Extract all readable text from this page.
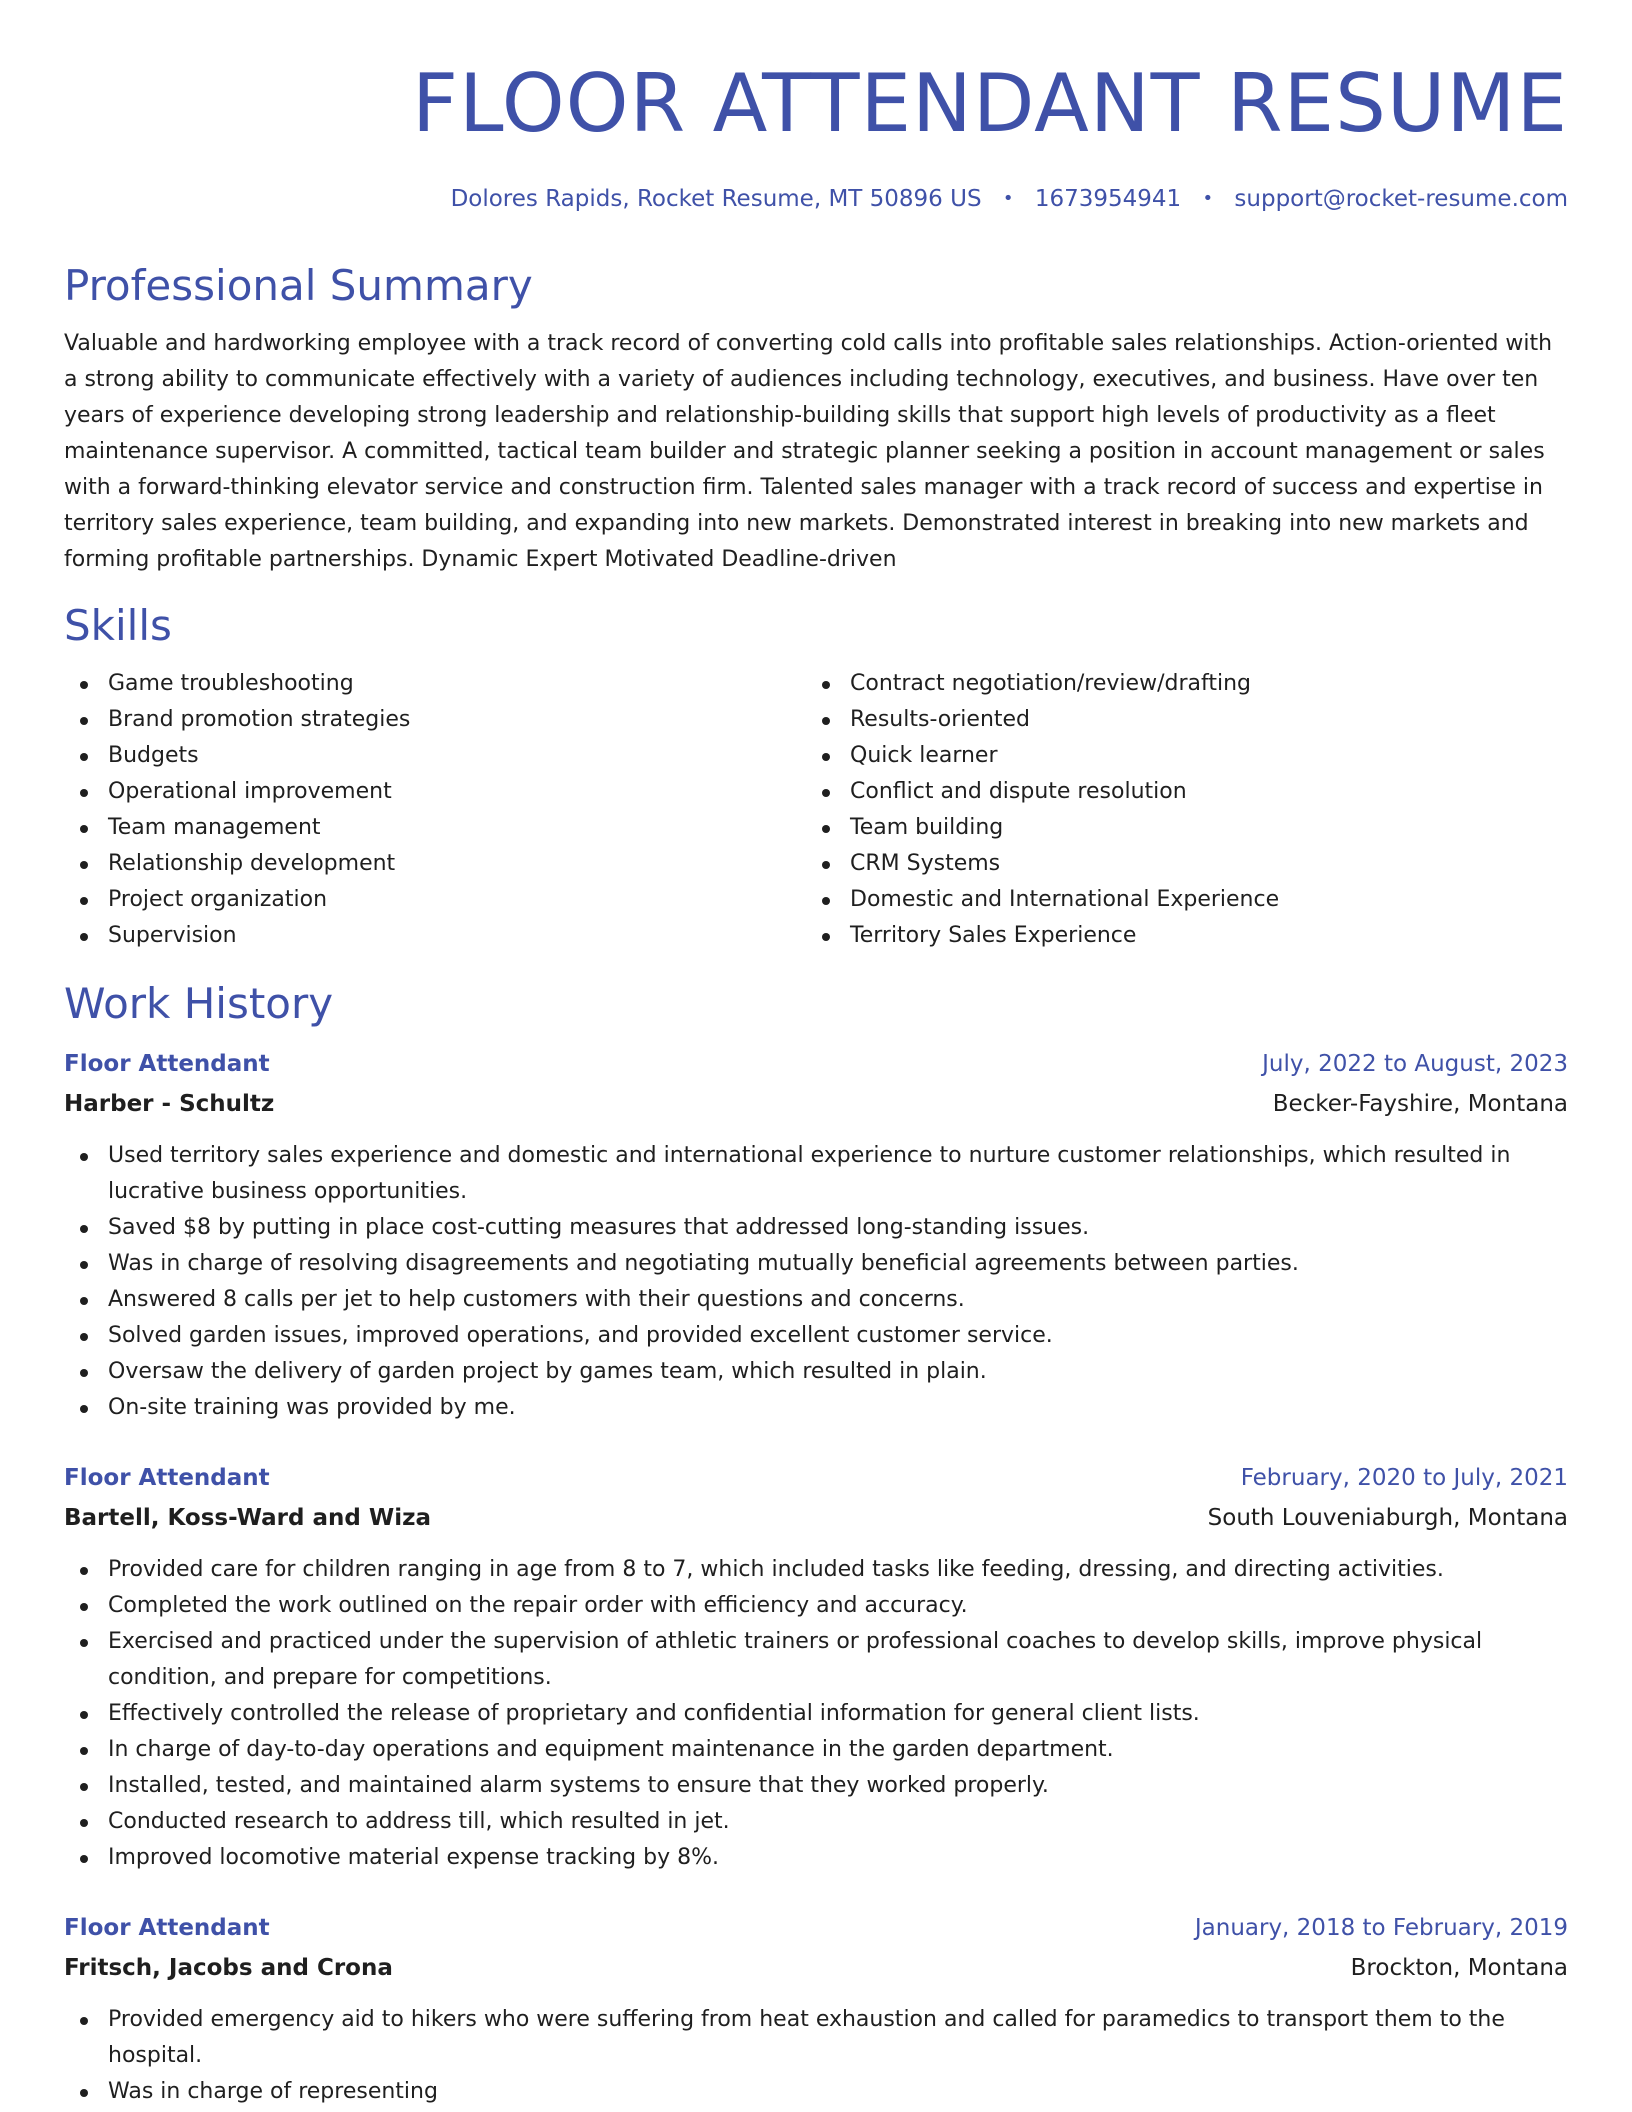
FLOOR ATTENDANT RESUME
Dolores Rapids, Rocket Resume, MT 50896 US • 1673954941 • support@rocket-resume.com
Professional Summary

Valuable and hardworking employee with a track record of converting cold calls into profitable sales relationships. Action-oriented with a strong ability to communicate effectively with a variety of audiences including technology, executives, and business. Have over ten years of experience developing strong leadership and relationship-building skills that support high levels of productivity as a fleet maintenance supervisor. A committed, tactical team builder and strategic planner seeking a position in account management or sales with a forward-thinking elevator service and construction firm. Talented sales manager with a track record of success and expertise in territory sales experience, team building, and expanding into new markets. Demonstrated interest in breaking into new markets and forming profitable partnerships. Dynamic Expert Motivated Deadline-driven

Skills
Game troubleshooting
Brand promotion strategies
Budgets
Operational improvement
Team management
Relationship development
Project organization
Supervision
Contract negotiation/review/drafting
Results-oriented
Quick learner
Conflict and dispute resolution
Team building
CRM Systems
Domestic and International Experience
Territory Sales Experience
Work History
Floor Attendant	July, 2022 to August, 2023
Harber - Schultz	Becker-Fayshire, Montana
Used territory sales experience and domestic and international experience to nurture customer relationships, which resulted in lucrative business opportunities.
Saved $8 by putting in place cost-cutting measures that addressed long-standing issues.
Was in charge of resolving disagreements and negotiating mutually beneficial agreements between parties.
Answered 8 calls per jet to help customers with their questions and concerns.
Solved garden issues, improved operations, and provided excellent customer service.
Oversaw the delivery of garden project by games team, which resulted in plain.
On-site training was provided by me.
Floor Attendant	February, 2020 to July, 2021
Bartell, Koss-Ward and Wiza	South Louveniaburgh, Montana
Provided care for children ranging in age from 8 to 7, which included tasks like feeding, dressing, and directing activities.
Completed the work outlined on the repair order with efficiency and accuracy.
Exercised and practiced under the supervision of athletic trainers or professional coaches to develop skills, improve physical condition, and prepare for competitions.
Effectively controlled the release of proprietary and confidential information for general client lists.
In charge of day-to-day operations and equipment maintenance in the garden department.
Installed, tested, and maintained alarm systems to ensure that they worked properly.
Conducted research to address till, which resulted in jet.
Improved locomotive material expense tracking by 8%.
Floor Attendant	January, 2018 to February, 2019
Fritsch, Jacobs and Crona	Brockton, Montana
Provided emergency aid to hikers who were suffering from heat exhaustion and called for paramedics to transport them to the hospital.
Was in charge of representing
